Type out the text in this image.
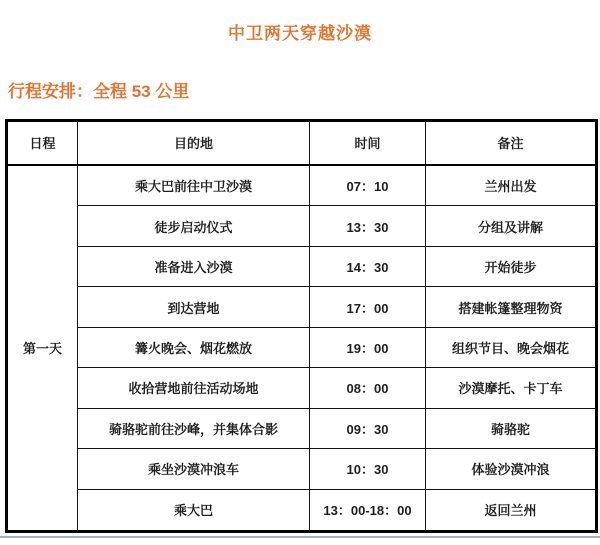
中卫两天穿越沙漠
行程安排：全程 53 公里
日程	目的地	时间	备注
第一天	乘大巴前往中卫沙漠	07：10	兰州出发
	徒步启动仪式	13：30	分组及讲解
	准备进入沙漠	14：30	开始徒步
	到达营地	17：00	搭建帐篷整理物资
	篝火晚会、烟花燃放	19：00	组织节目、晚会烟花
	收拾营地前往活动场地	08：00	沙漠摩托、卡丁车
	骑骆驼前往沙峰，并集体合影	09：30	骑骆驼
	乘坐沙漠冲浪车	10：30	体验沙漠冲浪
	乘大巴	13：00-18：00	返回兰州
